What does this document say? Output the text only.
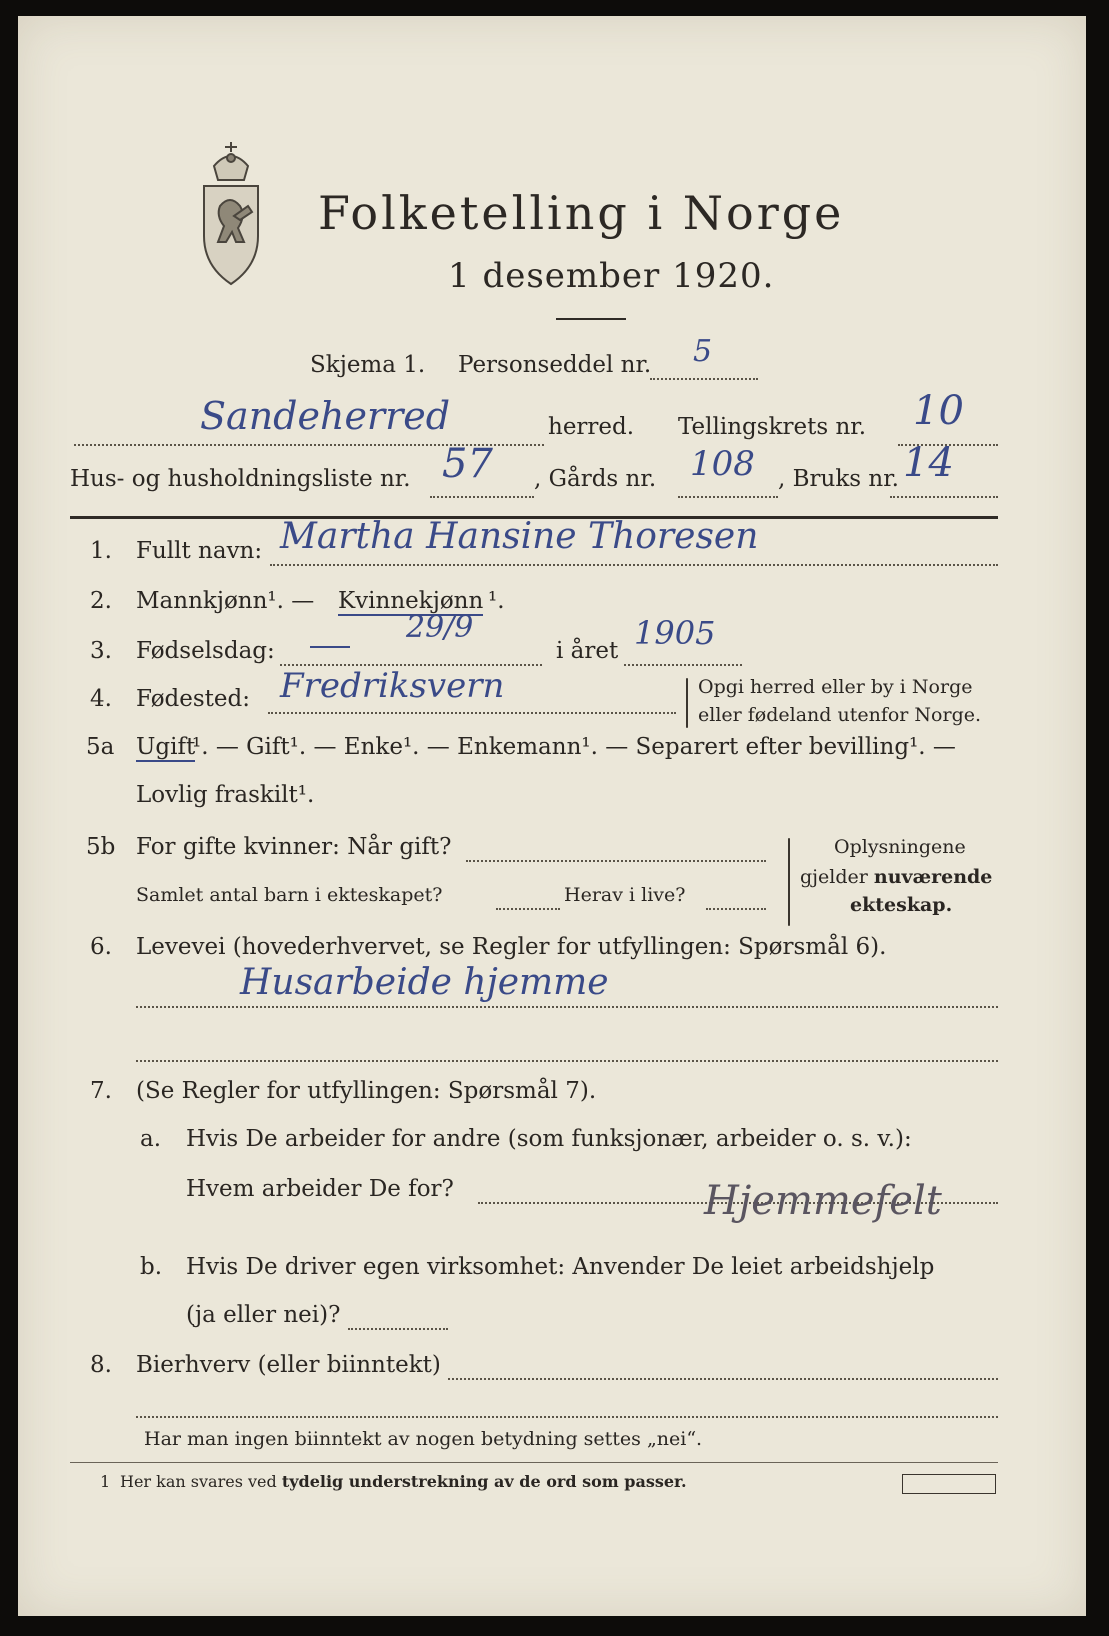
Folketelling i Norge
1 desember 1920.
Skjema 1. Personseddel nr. 5
Sandeherred	herred. Tellingskrets nr. 10
Hus- og husholdningsliste nr. 57 , Gårds nr. 108 , Bruks nr. 14
1. Fullt navn: Martha Hansine Thoresen
2. Mannkjønn¹. — Kvinnekjønn ¹.
3. Fødselsdag:
29/9
i året 1905
4. Fødested: Fredriksvern	Opgi herred eller by i Norge
eller fødeland utenfor Norge.
5a Ugift
¹. — Gift¹. — Enke¹. — Enkemann¹. — Separert efter bevilling¹. —
Lovlig fraskilt¹.
5b For gifte kvinner: Når gift?
Samlet antal barn i ekteskapet?	Herav i live?
Oplysningene
gjelder nuværende
ekteskap.
6. Levevei (hovederhvervet, se Regler for utfyllingen: Spørsmål 6).
Husarbeide hjemme
7. (Se Regler for utfyllingen: Spørsmål 7).
a. Hvis De arbeider for andre (som funksjonær, arbeider o. s. v.):
Hvem arbeider De for?	Hjemmefelt
b. Hvis De driver egen virksomhet: Anvender De leiet arbeidshjelp
(ja eller nei)?
8. Bierhverv (eller biinntekt)
Har man ingen biinntekt av nogen betydning settes „nei“.
1 Her kan svares ved tydelig understrekning av de ord som passer.
